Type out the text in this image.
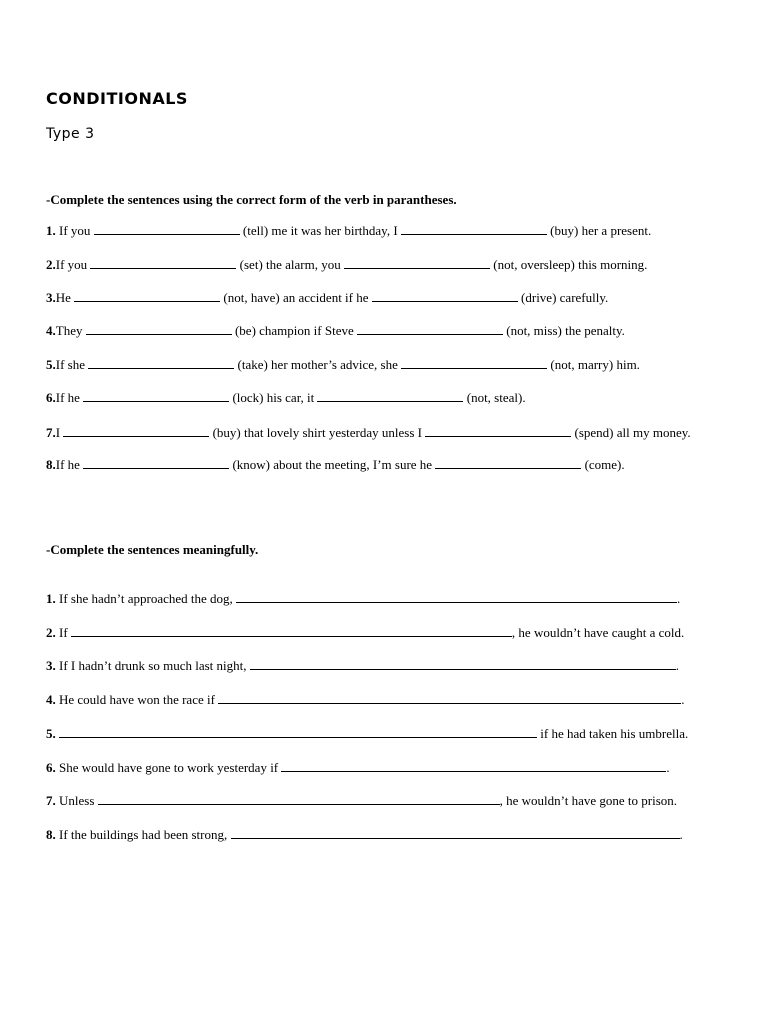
CONDITIONALS
Type 3
-Complete the sentences using the correct form of the verb in parantheses.
1. If you	(tell) me it was her birthday, I	(buy) her a present.
2.If you	(set) the alarm, you	(not, oversleep) this morning.
3.He	(not, have) an accident if he	(drive) carefully.
4.They	(be) champion if Steve	(not, miss) the penalty.
5.If she	(take) her mother’s advice, she	(not, marry) him.
6.If he	(lock) his car, it	(not, steal).
7.I	(buy) that lovely shirt yesterday unless I	(spend) all my money.
8.If he	(know) about the meeting, I’m sure he	(come).
-Complete the sentences meaningfully.
1. If she hadn’t approached the dog,	.
2. If	, he wouldn’t have caught a cold.
3. If I hadn’t drunk so much last night,	.
4. He could have won the race if	.
5.	if he had taken his umbrella.
6. She would have gone to work yesterday if	.
7. Unless	, he wouldn’t have gone to prison.
8. If the buildings had been strong,	.
